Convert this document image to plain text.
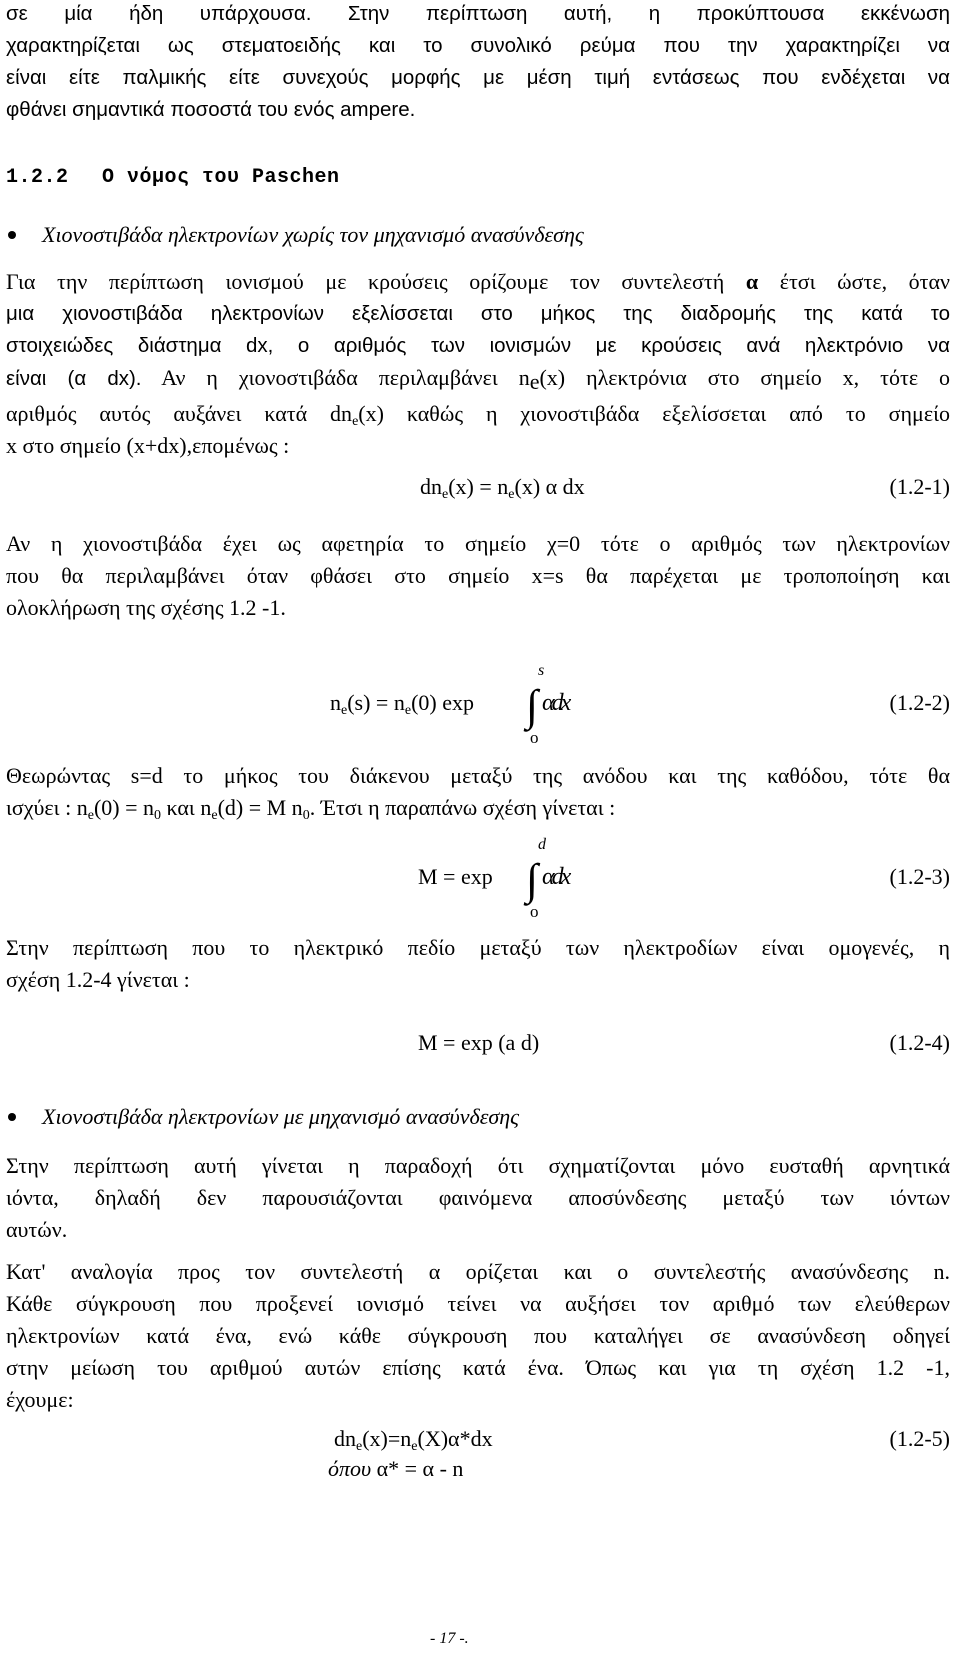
σε μία ήδη υπάρχουσα. Στην περίπτωση αυτή, η προκύπτουσα εκκένωση
χαρακτηρίζεται ως στεματοειδής και το συνολικό ρεύμα που την χαρακτηρίζει να
είναι είτε παλμικής είτε συνεχούς μορφής με μέση τιμή εντάσεως που ενδέχεται να
φθάνει σημαντικά ποσοστά του ενός ampere.
1.2.2 Ο νόμος του Paschen
Χιονοστιβάδα ηλεκτρονίων χωρίς τον μηχανισμό ανασύνδεσης
Για την περίπτωση ιονισμού με κρούσεις ορίζουμε τον συντελεστή α έτσι ώστε, όταν
μια χιονοστιβάδα ηλεκτρονίων εξελίσσεται στο μήκος της διαδρομής της κατά το
στοιχειώδες διάστημα dx, ο αριθμός των ιονισμών με κρούσεις ανά ηλεκτρόνιο να
είναι (α dx). Αν η χιονοστιβάδα περιλαμβάνει $n_e(x)$ ηλεκτρόνια στο σημείο x, τότε ο
αριθμός αυτός αυξάνει κατά $dn_e(x)$ καθώς η χιονοστιβάδα εξελίσσεται από το σημείο
x στο σημείο (x+dx),επομένως :
$dn_e(x) = n_e(x)$ α dx	(1.2-1)
Αν η χιονοστιβάδα έχει ως αφετηρία το σημείο χ=0 τότε ο αριθμός των ηλεκτρονίων
που θα περιλαμβάνει όταν φθάσει στο σημείο x=s θα παρέχεται με τροποποίηση και
ολοκλήρωση της σχέσης 1.2 -1.
$n_e(s) = n_e(0)$ exp
s
∫ αdx
o
(1.2-2)
Θεωρώντας s=d το μήκος του διάκενου μεταξύ της ανόδου και της καθόδου, τότε θα
ισχύει : $n_e(0) = n_0$ και $n_e(d) = M$ $n_0$. Έτσι η παραπάνω σχέση γίνεται :
M = exp
d
∫ αdx
o
(1.2-3)
Στην περίπτωση που το ηλεκτρικό πεδίο μεταξύ των ηλεκτροδίων είναι ομογενές, η
σχέση 1.2-4 γίνεται :
M = exp (a d)	(1.2-4)
Χιονοστιβάδα ηλεκτρονίων με μηχανισμό ανασύνδεσης
Στην περίπτωση αυτή γίνεται η παραδοχή ότι σχηματίζονται μόνο ευσταθή αρνητικά
ιόντα, δηλαδή δεν παρουσιάζονται φαινόμενα αποσύνδεσης μεταξύ των ιόντων
αυτών.
Κατ' αναλογία προς τον συντελεστή α ορίζεται και ο συντελεστής ανασύνδεσης n.
Κάθε σύγκρουση που προξενεί ιονισμό τείνει να αυξήσει τον αριθμό των ελεύθερων
ηλεκτρονίων κατά ένα, ενώ κάθε σύγκρουση που καταλήγει σε ανασύνδεση οδηγεί
στην μείωση του αριθμού αυτών επίσης κατά ένα. Όπως και για τη σχέση 1.2 -1,
έχουμε:
$dn_e(x)=n_e(X)\alpha*dx$	(1.2-5)
όπου α* = α - n
- 17 -.
